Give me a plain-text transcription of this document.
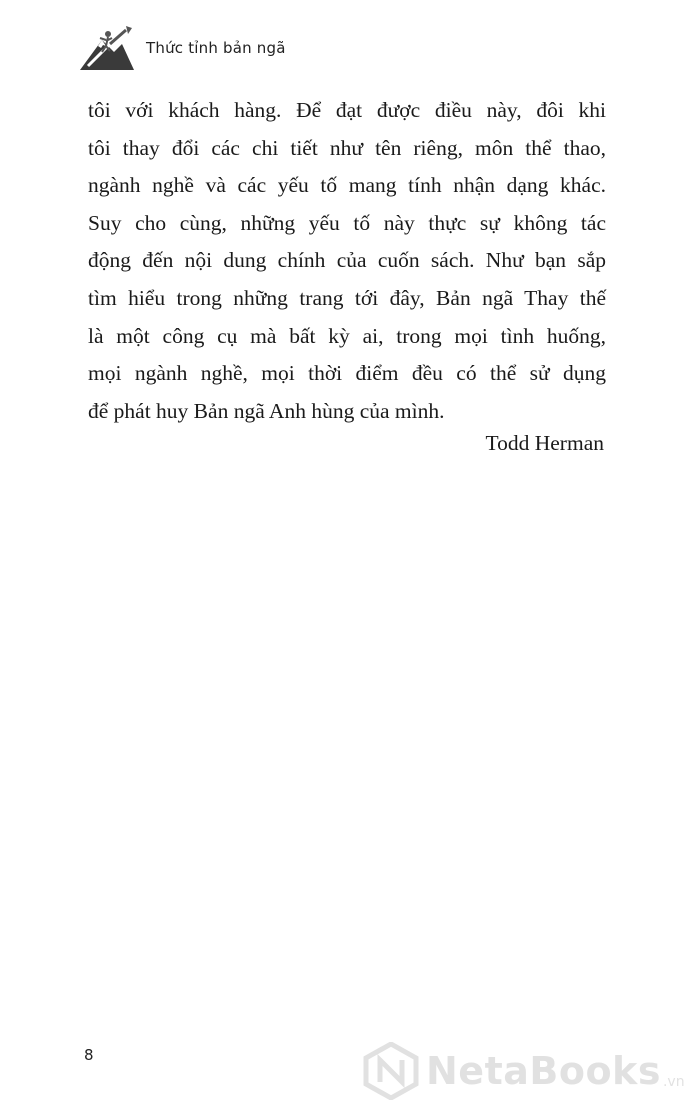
Thức tỉnh bản ngã
tôi với khách hàng. Để đạt được điều này, đôi khi
tôi thay đổi các chi tiết như tên riêng, môn thể thao,
ngành nghề và các yếu tố mang tính nhận dạng khác.
Suy cho cùng, những yếu tố này thực sự không tác
động đến nội dung chính của cuốn sách. Như bạn sắp
tìm hiểu trong những trang tới đây, Bản ngã Thay thế
là một công cụ mà bất kỳ ai, trong mọi tình huống,
mọi ngành nghề, mọi thời điểm đều có thể sử dụng
để phát huy Bản ngã Anh hùng của mình.
Todd Herman
8	NetaBooks .vn
